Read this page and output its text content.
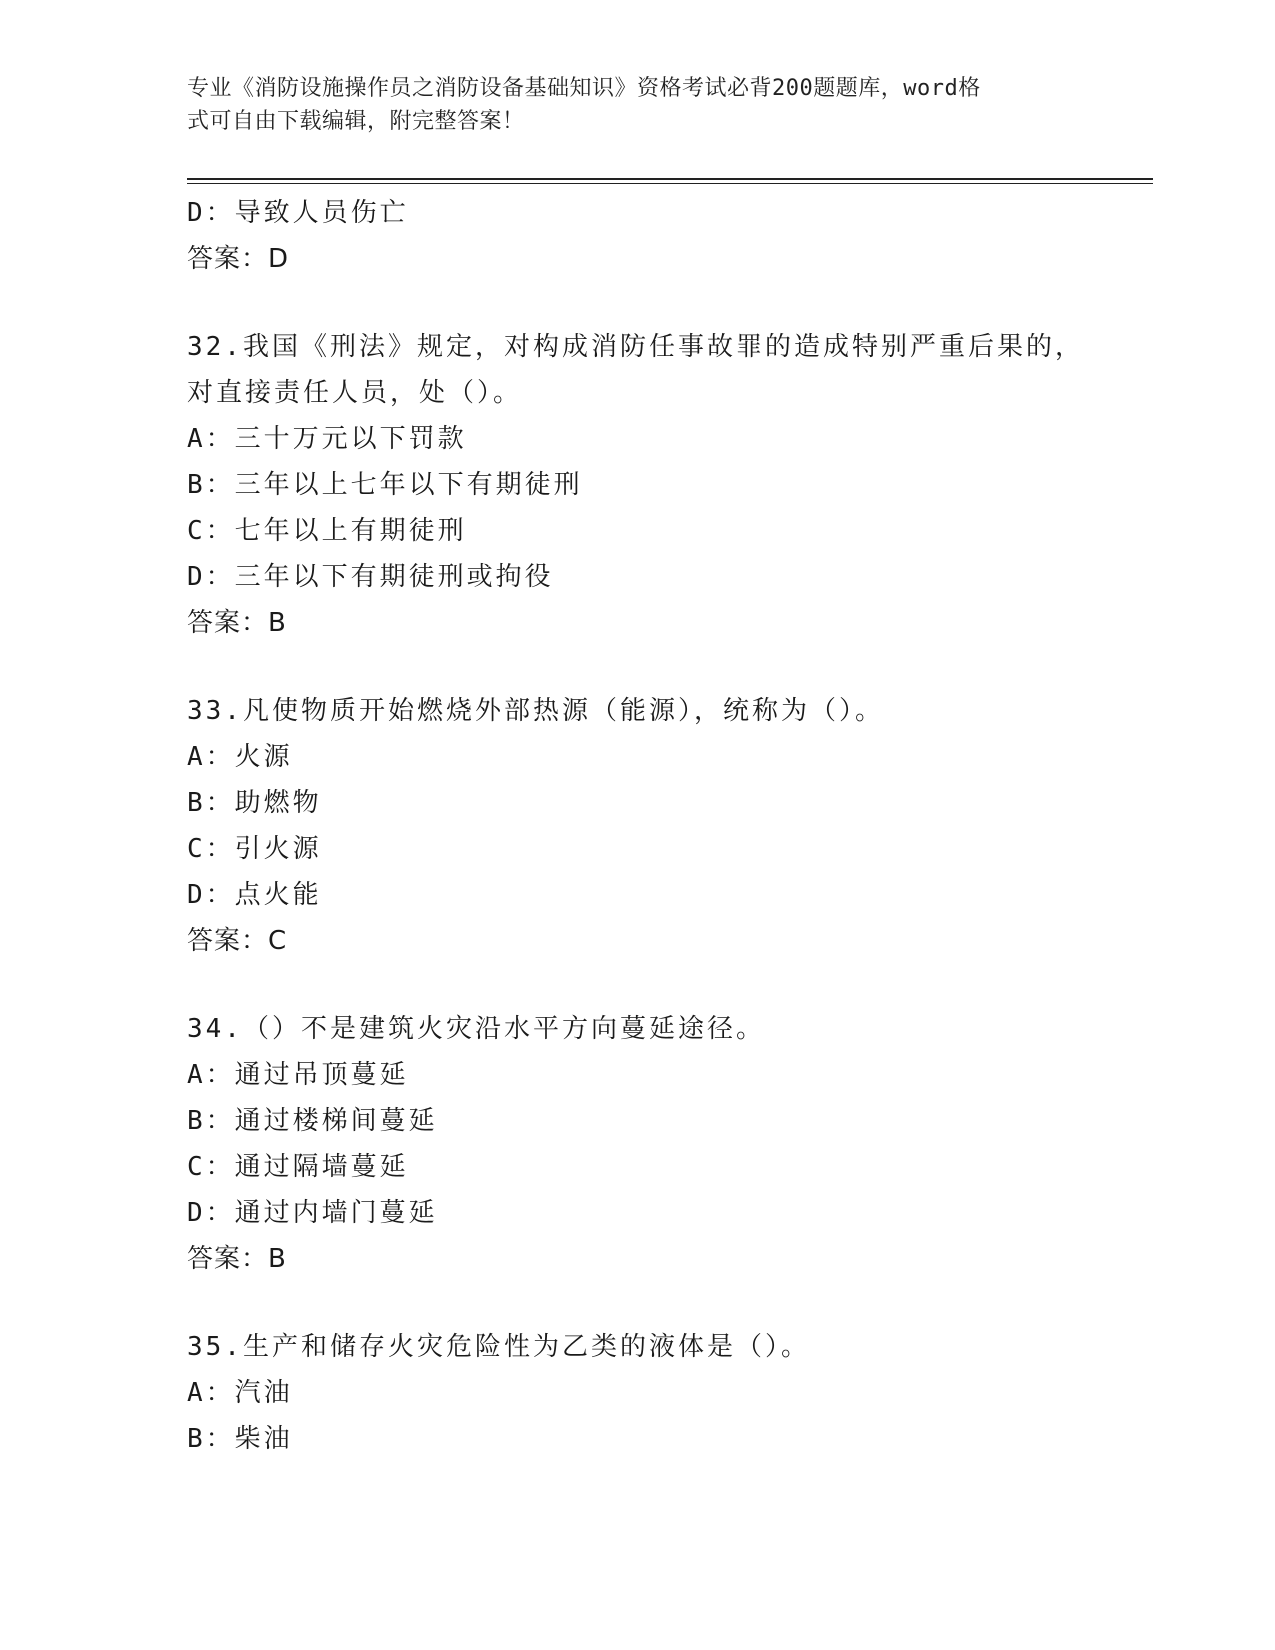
专业《消防设施操作员之消防设备基础知识》资格考试必背200题题库，word格
式可自由下载编辑，附完整答案！
D：导致人员伤亡
答案：D
32.我国《刑法》规定，对构成消防任事故罪的造成特别严重后果的，
对直接责任人员，处（）。
A：三十万元以下罚款
B：三年以上七年以下有期徒刑
C：七年以上有期徒刑
D：三年以下有期徒刑或拘役
答案：B
33.凡使物质开始燃烧外部热源（能源），统称为（）。
A：火源
B：助燃物
C：引火源
D：点火能
答案：C
34.（）不是建筑火灾沿水平方向蔓延途径。
A：通过吊顶蔓延
B：通过楼梯间蔓延
C：通过隔墙蔓延
D：通过内墙门蔓延
答案：B
35.生产和储存火灾危险性为乙类的液体是（）。
A：汽油
B：柴油
